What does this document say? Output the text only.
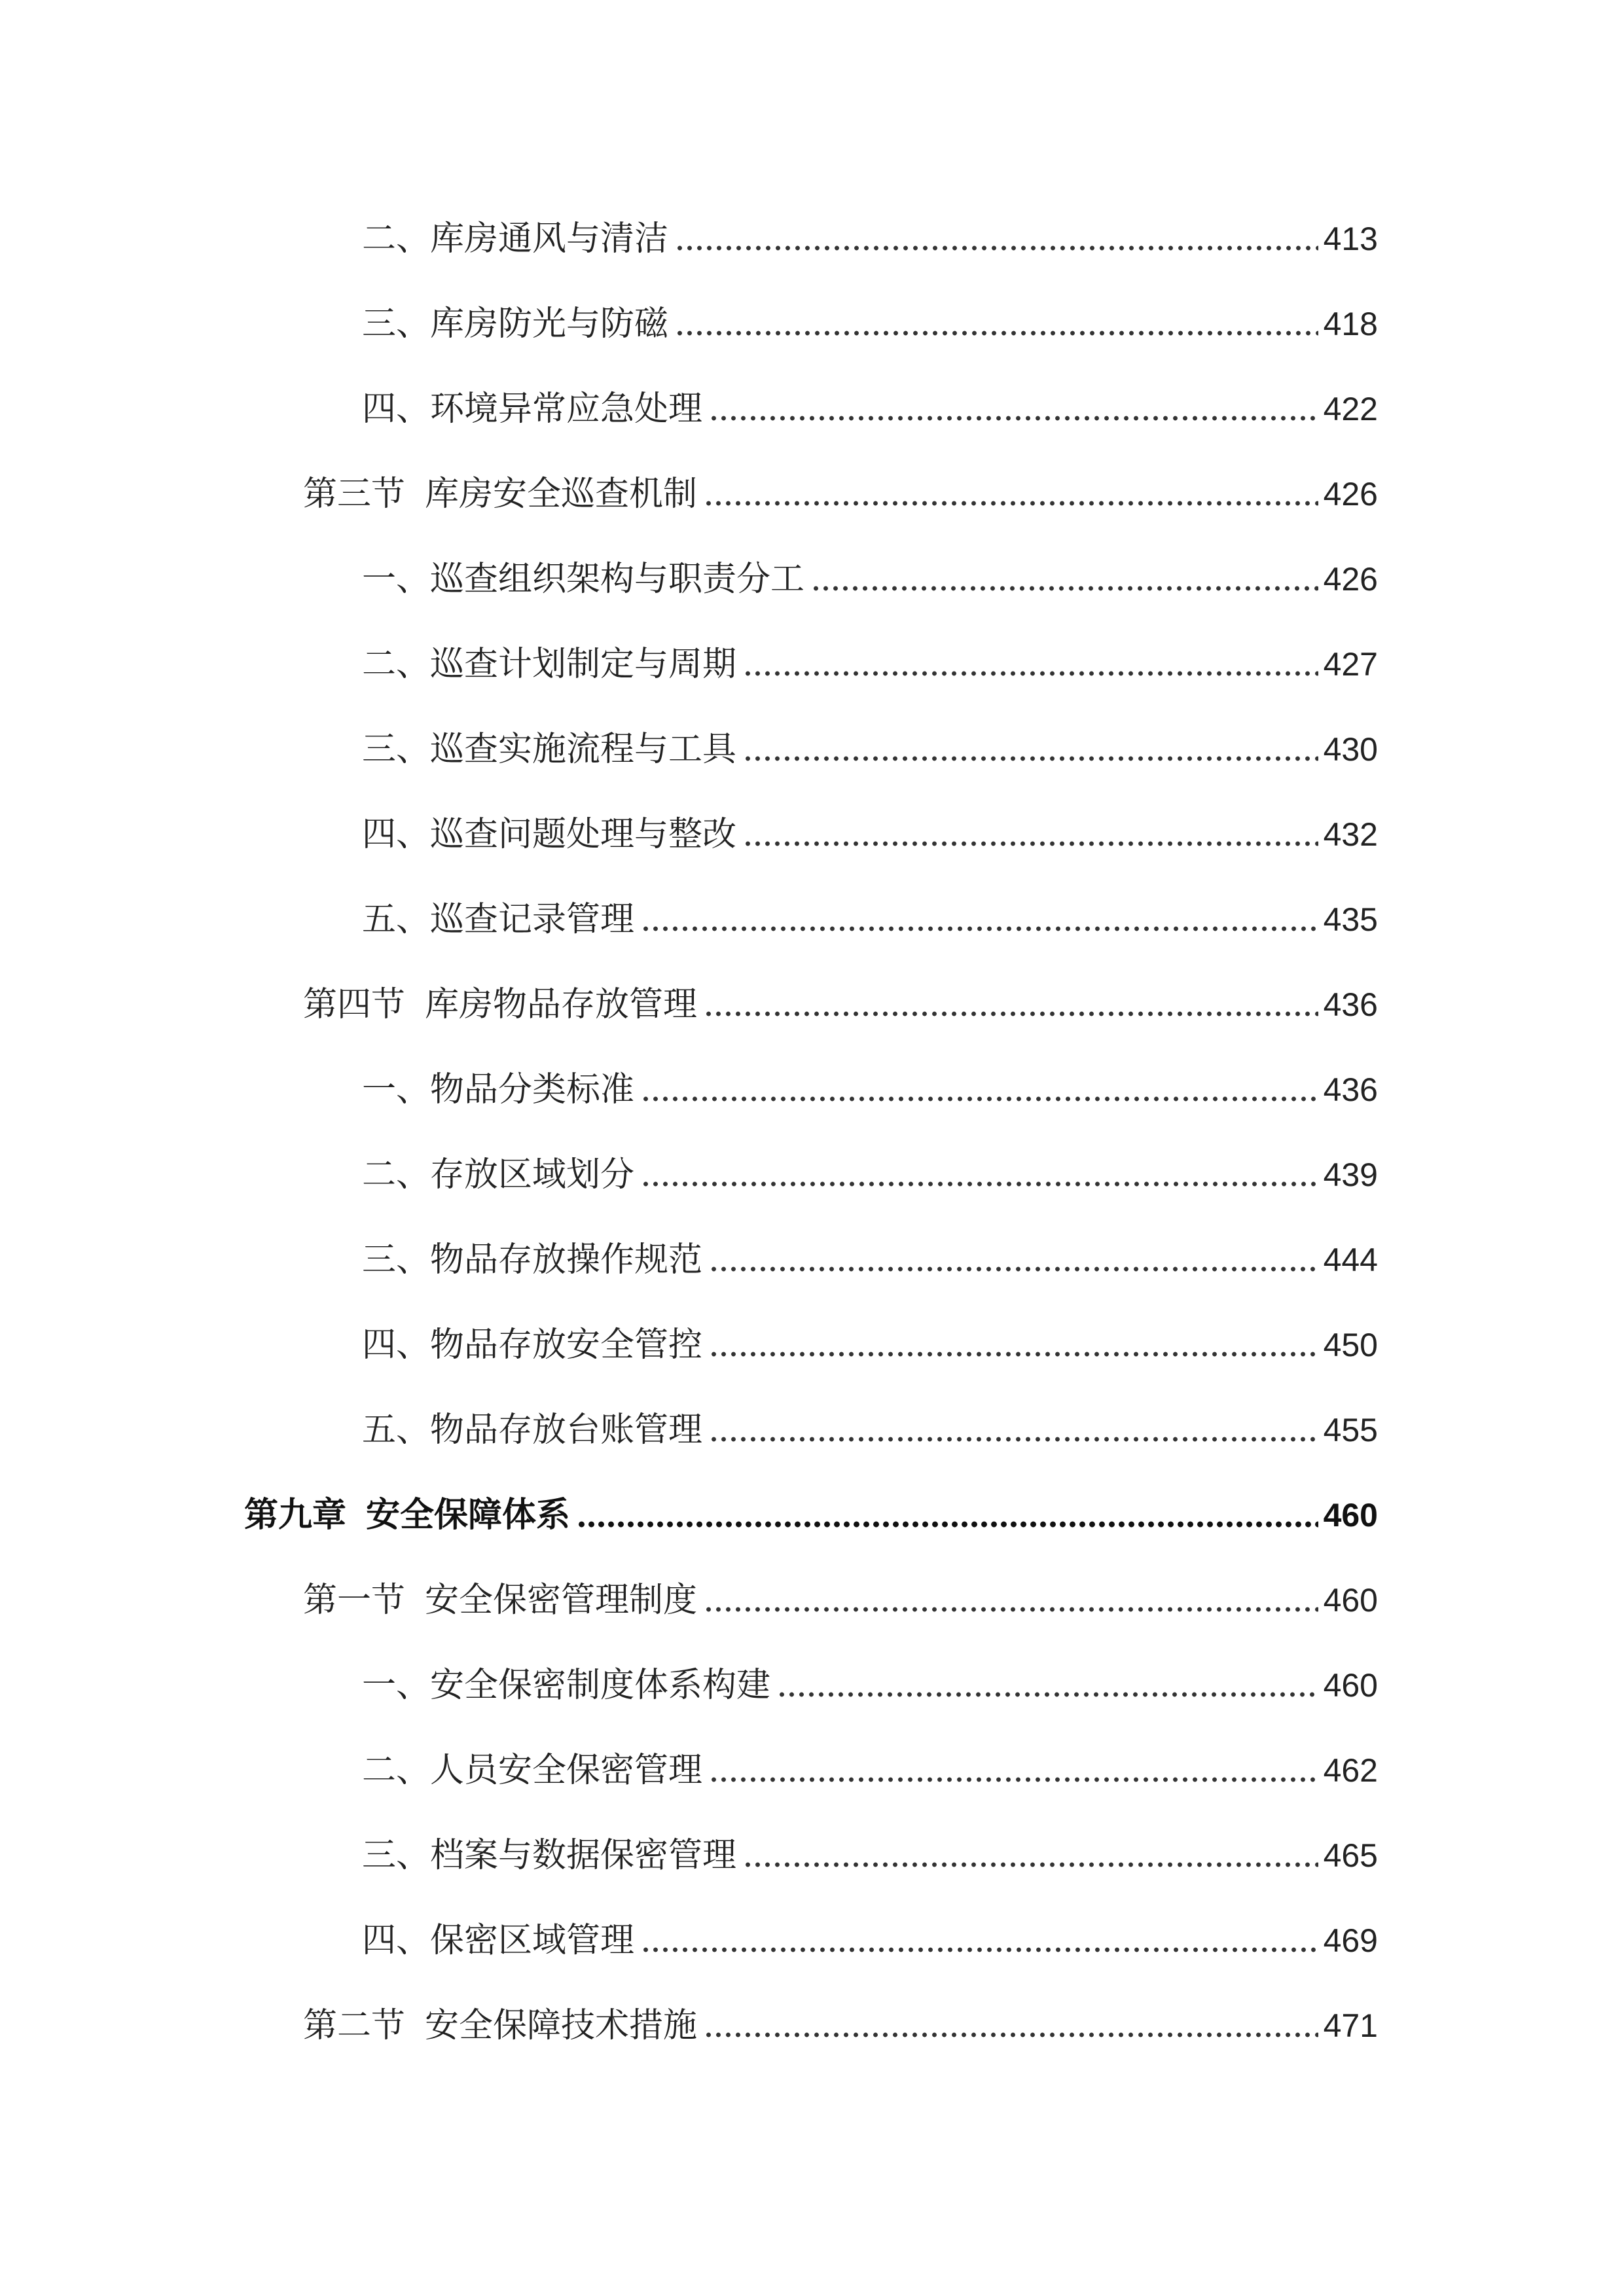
二、库房通风与清洁	413
三、库房防光与防磁	418
四、环境异常应急处理	422
第三节 库房安全巡查机制	426
一、巡查组织架构与职责分工	426
二、巡查计划制定与周期	427
三、巡查实施流程与工具	430
四、巡查问题处理与整改	432
五、巡查记录管理	435
第四节 库房物品存放管理	436
一、物品分类标准	436
二、存放区域划分	439
三、物品存放操作规范	444
四、物品存放安全管控	450
五、物品存放台账管理	455
第九章 安全保障体系	460
第一节 安全保密管理制度	460
一、安全保密制度体系构建	460
二、人员安全保密管理	462
三、档案与数据保密管理	465
四、保密区域管理	469
第二节 安全保障技术措施	471
